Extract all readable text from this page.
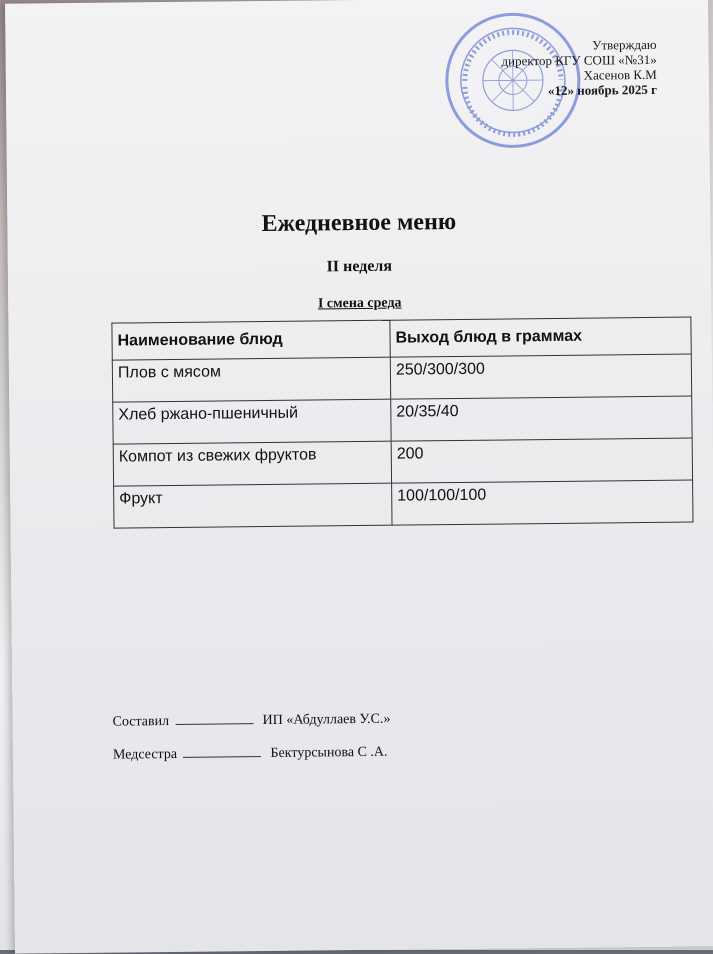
Утверждаю
директор КГУ СОШ «№31»
Хасенов К.М
«12» ноябрь 2025 г
Ежедневное меню
II неделя
I смена среда
Наименование блюд	Выход блюд в граммах
Плов с мясом	250/300/300
Хлеб ржано-пшеничный	20/35/40
Компот из свежих фруктов	200
Фрукт	100/100/100
Составил	ИП «Абдуллаев У.С.»
Медсестра	Бектурсынова С .А.
